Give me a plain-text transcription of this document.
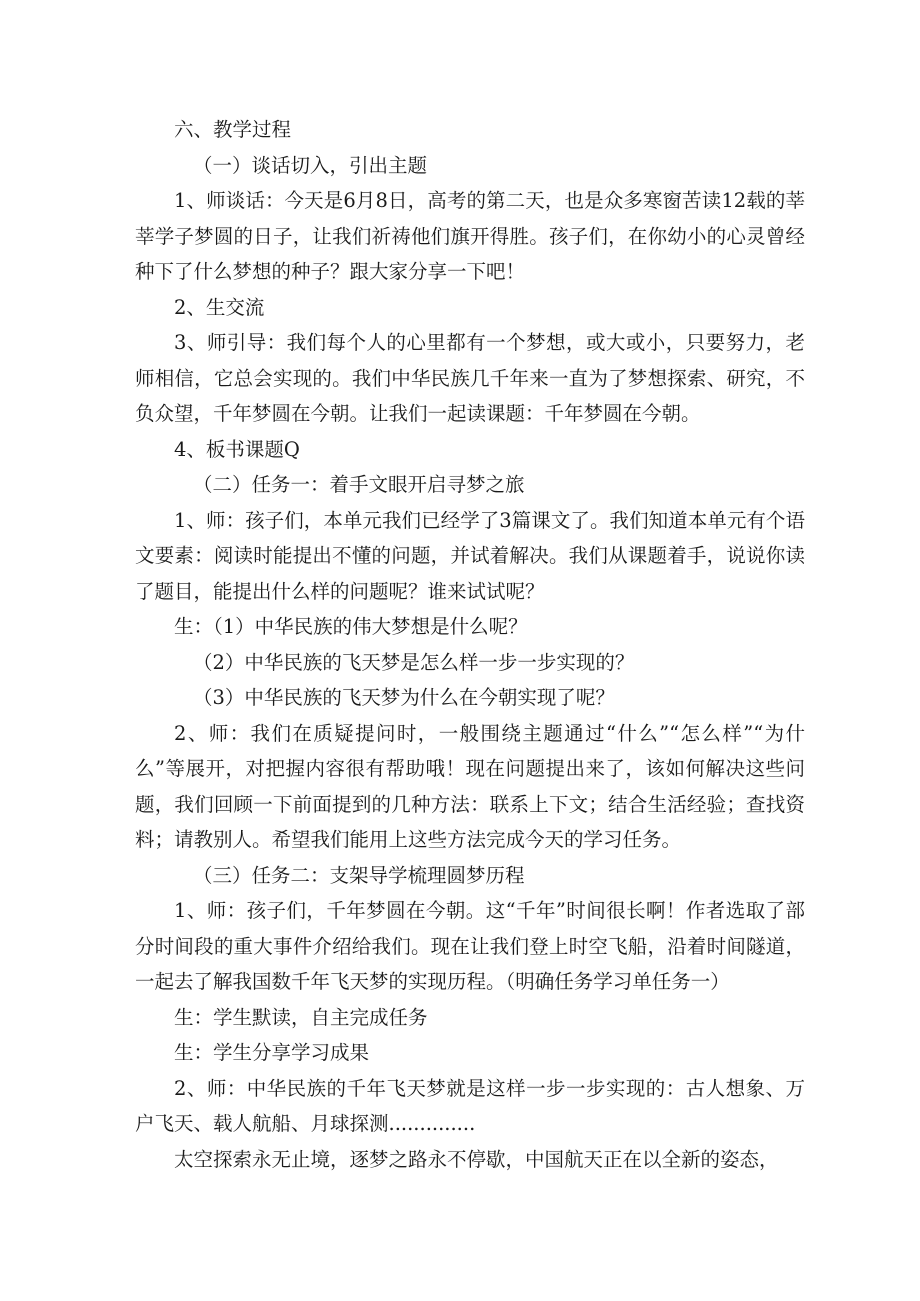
六、教学过程

（一）谈话切入，引出主题

1、师谈话：今天是6月8日，高考的第二天，也是众多寒窗苦读12载的莘莘学子梦圆的日子，让我们祈祷他们旗开得胜。孩子们，在你幼小的心灵曾经种下了什么梦想的种子？跟大家分享一下吧！

2、生交流

3、师引导：我们每个人的心里都有一个梦想，或大或小，只要努力，老师相信，它总会实现的。我们中华民族几千年来一直为了梦想探索、研究，不负众望，千年梦圆在今朝。让我们一起读课题：千年梦圆在今朝。

4、板书课题Q

（二）任务一：着手文眼开启寻梦之旅

1、师：孩子们，本单元我们已经学了3篇课文了。我们知道本单元有个语文要素：阅读时能提出不懂的问题，并试着解决。我们从课题着手，说说你读了题目，能提出什么样的问题呢？谁来试试呢？

生：（1）中华民族的伟大梦想是什么呢？

（2）中华民族的飞天梦是怎么样一步一步实现的？

（3）中华民族的飞天梦为什么在今朝实现了呢？

2、师：我们在质疑提问时，一般围绕主题通过“什么”“怎么样”“为什么”等展开，对把握内容很有帮助哦！现在问题提出来了，该如何解决这些问题，我们回顾一下前面提到的几种方法：联系上下文；结合生活经验；查找资料；请教别人。希望我们能用上这些方法完成今天的学习任务。

（三）任务二：支架导学梳理圆梦历程

1、师：孩子们，千年梦圆在今朝。这“千年”时间很长啊！作者选取了部分时间段的重大事件介绍给我们。现在让我们登上时空飞船，沿着时间隧道，一起去了解我国数千年飞天梦的实现历程。（明确任务学习单任务一）

生：学生默读，自主完成任务

生：学生分享学习成果

2、师：中华民族的千年飞天梦就是这样一步一步实现的：古人想象、万户飞天、载人航船、月球探测..............

太空探索永无止境，逐梦之路永不停歇，中国航天正在以全新的姿态，
